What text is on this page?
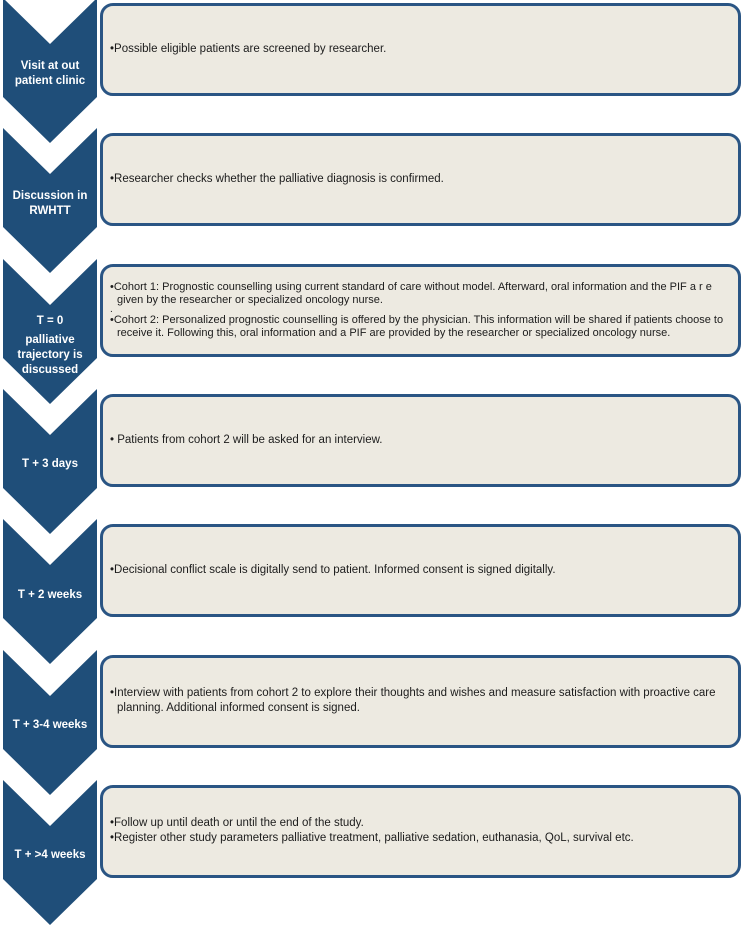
Visit at out
patient clinic

•Possible eligible patients are screened by researcher.

Discussion in
RWHTT

•Researcher checks whether the palliative diagnosis is confirmed.

T = 0
palliative
trajectory is
discussed

•Cohort 1: Prognostic counselling using current standard of care without model. Afterward, oral information and the PIF a r e given by the researcher or specialized oncology nurse.

.

•Cohort 2: Personalized prognostic counselling is offered by the physician. This information will be shared if patients choose to receive it. Following this, oral information and a PIF are provided by the researcher or specialized oncology nurse.

T + 3 days

• Patients from cohort 2 will be asked for an interview.

T + 2 weeks

•Decisional conflict scale is digitally send to patient. Informed consent is signed digitally.

T + 3-4 weeks

•Interview with patients from cohort 2 to explore their thoughts and wishes and measure satisfaction with proactive care planning. Additional informed consent is signed.

T + >4 weeks

•Follow up until death or until the end of the study.

•Register other study parameters palliative treatment, palliative sedation, euthanasia, QoL, survival etc.
